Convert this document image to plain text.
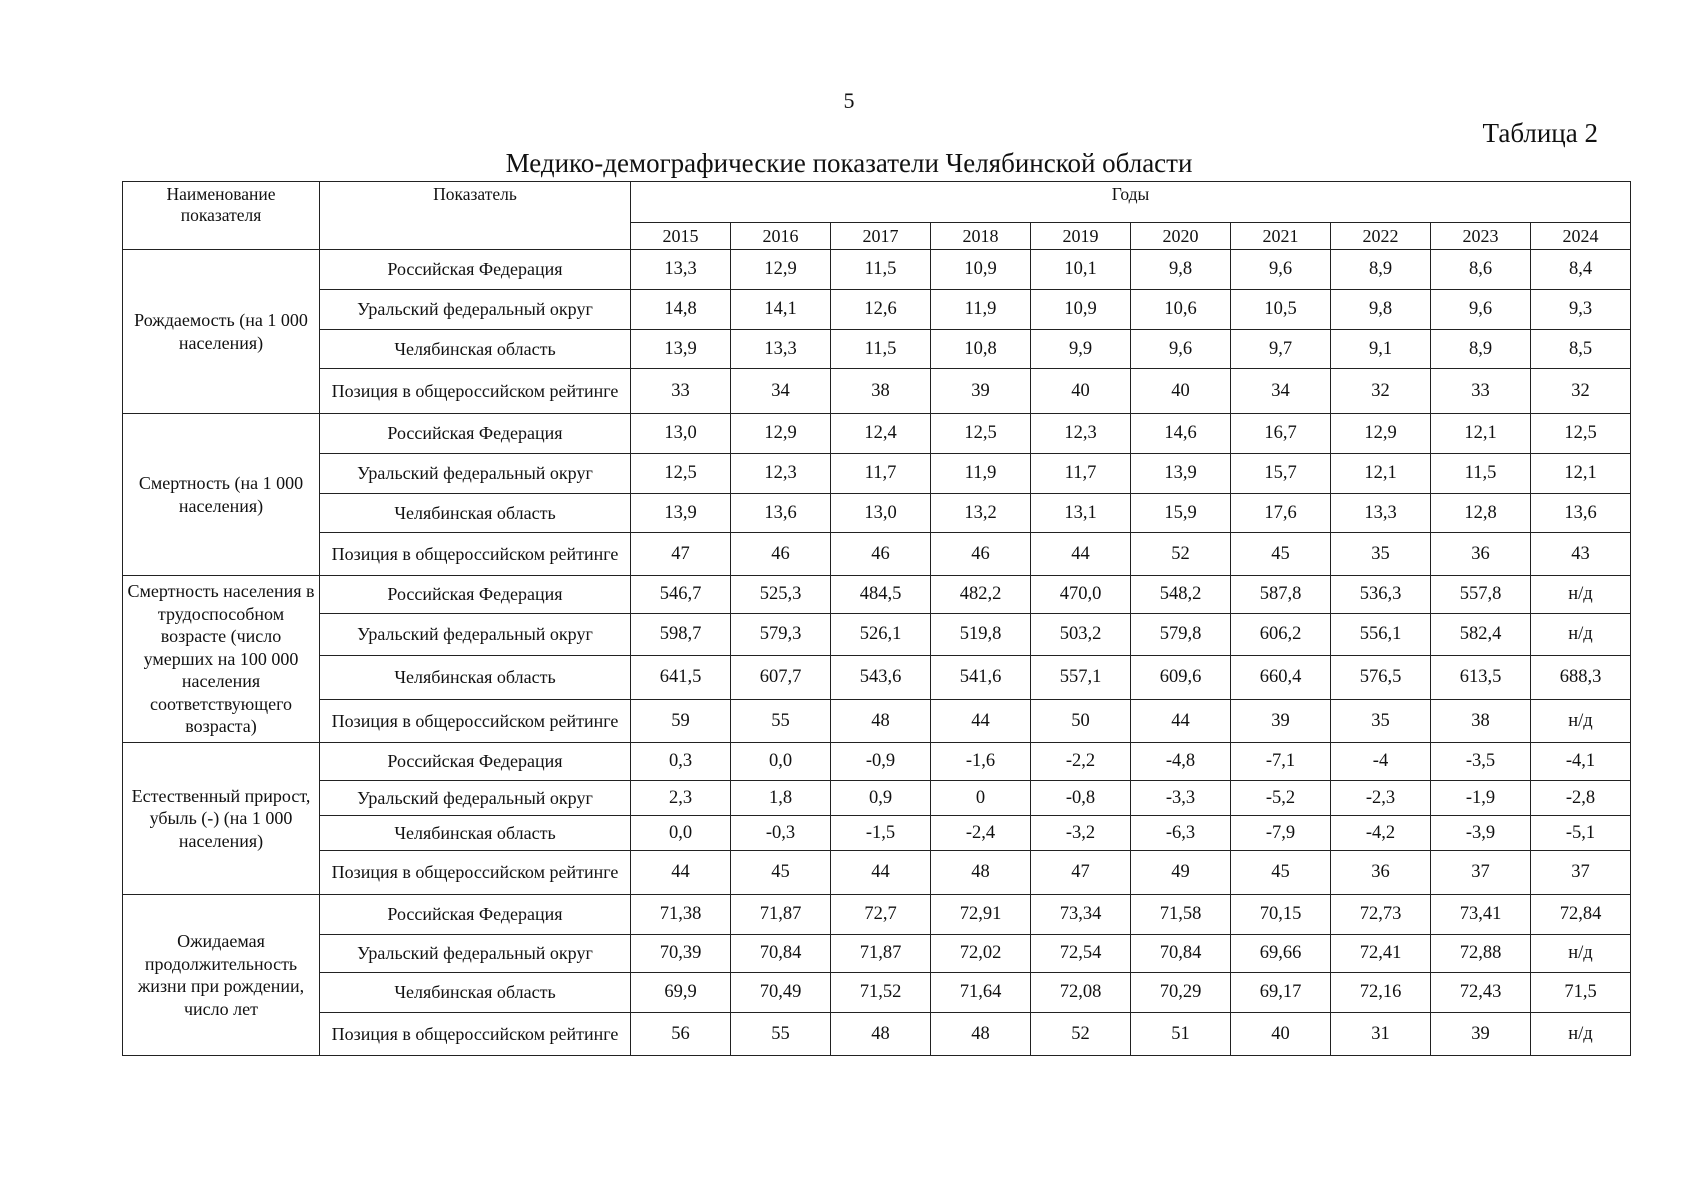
5
Таблица 2
Медико-демографические показатели Челябинской области
Наименование показателя	Показатель	Годы									
		2015	2016	2017	2018	2019	2020	2021	2022	2023	2024
Рождаемость (на 1 000 населения)	Российская Федерация	13,3	12,9	11,5	10,9	10,1	9,8	9,6	8,9	8,6	8,4
	Уральский федеральный округ	14,8	14,1	12,6	11,9	10,9	10,6	10,5	9,8	9,6	9,3
	Челябинская область	13,9	13,3	11,5	10,8	9,9	9,6	9,7	9,1	8,9	8,5
	Позиция в общероссийском рейтинге	33	34	38	39	40	40	34	32	33	32
Смертность (на 1 000 населения)	Российская Федерация	13,0	12,9	12,4	12,5	12,3	14,6	16,7	12,9	12,1	12,5
	Уральский федеральный округ	12,5	12,3	11,7	11,9	11,7	13,9	15,7	12,1	11,5	12,1
	Челябинская область	13,9	13,6	13,0	13,2	13,1	15,9	17,6	13,3	12,8	13,6
	Позиция в общероссийском рейтинге	47	46	46	46	44	52	45	35	36	43
Смертность населения в трудоспособном возрасте (число умерших на 100 000 населения соответствующего возраста)	Российская Федерация	546,7	525,3	484,5	482,2	470,0	548,2	587,8	536,3	557,8	н/д
	Уральский федеральный округ	598,7	579,3	526,1	519,8	503,2	579,8	606,2	556,1	582,4	н/д
	Челябинская область	641,5	607,7	543,6	541,6	557,1	609,6	660,4	576,5	613,5	688,3
	Позиция в общероссийском рейтинге	59	55	48	44	50	44	39	35	38	н/д
Естественный прирост, убыль (-) (на 1 000 населения)	Российская Федерация	0,3	0,0	-0,9	-1,6	-2,2	-4,8	-7,1	-4	-3,5	-4,1
	Уральский федеральный округ	2,3	1,8	0,9	0	-0,8	-3,3	-5,2	-2,3	-1,9	-2,8
	Челябинская область	0,0	-0,3	-1,5	-2,4	-3,2	-6,3	-7,9	-4,2	-3,9	-5,1
	Позиция в общероссийском рейтинге	44	45	44	48	47	49	45	36	37	37
Ожидаемая продолжительность жизни при рождении, число лет	Российская Федерация	71,38	71,87	72,7	72,91	73,34	71,58	70,15	72,73	73,41	72,84
	Уральский федеральный округ	70,39	70,84	71,87	72,02	72,54	70,84	69,66	72,41	72,88	н/д
	Челябинская область	69,9	70,49	71,52	71,64	72,08	70,29	69,17	72,16	72,43	71,5
	Позиция в общероссийском рейтинге	56	55	48	48	52	51	40	31	39	н/д
